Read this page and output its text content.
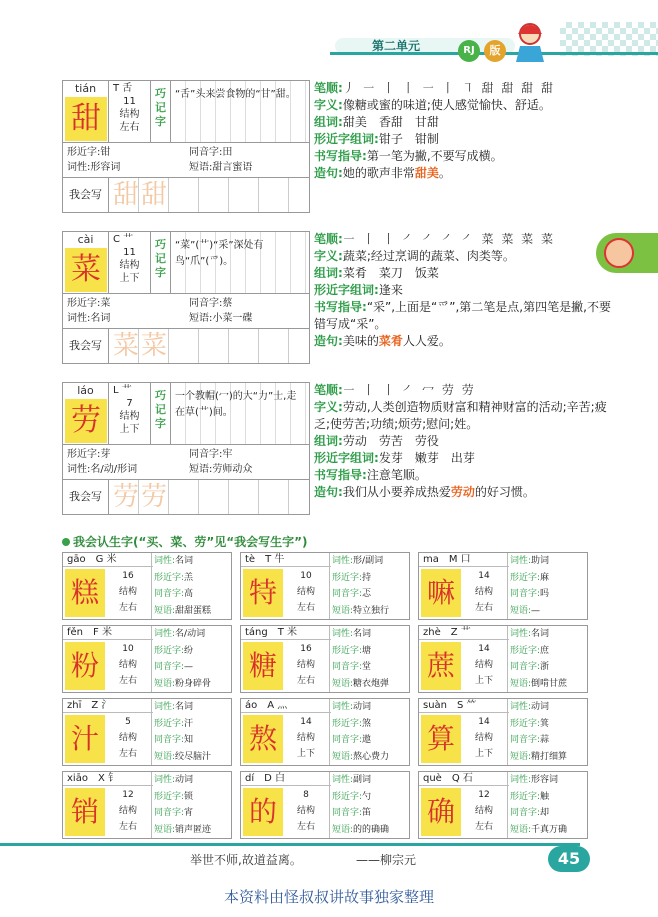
第二单元	RJ	版
tián
甜
T 舌
11
结构
左右
巧记字
“舌”头来尝食物的“甘”甜。
形近字:钳	同音字:田
词性:形容词	短语:甜言蜜语
我会写 甜甜
笔顺:丿 ㇐ 丨 丨 ㇐ 丨 ㇕ 甜 甜 甜 甜
字义:像糖或蜜的味道;使人感觉愉快、舒适。
组词:甜美　香甜　甘甜
形近字组词:钳子　钳制
书写指导:第一笔为撇,不要写成横。
造句:她的歌声非常甜美。
cài
菜
C 艹
11
结构
上下
巧记字
“菜”(艹)“采”深处有鸟“爪”(爫)。
形近字:菜	同音字:蔡
词性:名词	短语:小菜一碟
我会写 菜菜
笔顺:㇐ 丨 丨 ㇒ ㇒ ㇒ ㇒ 菜 菜 菜 菜
字义:蔬菜;经过烹调的蔬菜、肉类等。
组词:菜肴　菜刀　饭菜
形近字组词:逢来
书写指导:“采”,上面是“爫”,第二笔是点,第四笔是撇,不要错写成“采”。
造句:美味的菜肴人人爱。
láo
劳
L 艹
7
结构
上下
巧记字
一个教帽(冖)的大“力”士,走在草(艹)间。
形近字:芽	同音字:牢
词性:名/动/形词	短语:劳师动众
我会写 劳劳
笔顺:㇐ 丨 丨 ㇒ 冖 劳 劳
字义:劳动,人类创造物质财富和精神财富的活动;辛苦;疲乏;使劳苦;功绩;烦劳;慰问;姓。
组词:劳动　劳苦　劳役
形近字组词:发芽　嫩芽　出芽
书写指导:注意笔顺。
造句:我们从小要养成热爱劳动的好习惯。
我会认生字(“买、菜、劳”见“我会写生字”)
gāo　 G 米
糕	16
结构
左右
词性:名词
形近字:羔
同音字:高
短语:甜甜蛋糕
tè　 T 牛
特	10
结构
左右
词性:形/副词
形近字:持
同音字:忑
短语:特立独行
ma　 M 口
嘛	14
结构
左右
词性:助词
形近字:麻
同音字:吗
短语:—
fěn　 F 米
粉	10
结构
左右
词性:名/动词
形近字:纷
同音字:—
短语:粉身碎骨
táng　 T 米
糖	16
结构
左右
词性:名词
形近字:塘
同音字:堂
短语:糖衣炮弹
zhè　 Z 艹
蔗	14
结构
上下
词性:名词
形近字:庶
同音字:浙
短语:倒啃甘蔗
zhī　 Z 氵
汁	5
结构
左右
词性:名词
形近字:汗
同音字:知
短语:绞尽脑汁
áo　 A 灬
熬	14
结构
上下
词性:动词
形近字:煞
同音字:遨
短语:熬心费力
suàn　 S ⺮
算	14
结构
上下
词性:动词
形近字:箕
同音字:蒜
短语:精打细算
xiāo　 X 钅
销	12
结构
左右
词性:动词
形近字:锁
同音字:宵
短语:销声匿迹
dí　 D 白
的	8
结构
左右
词性:副词
形近字:勺
同音字:笛
短语:的的确确
què　 Q 石
确	12
结构
左右
词性:形容词
形近字:触
同音字:却
短语:千真万确
举世不师,故道益离。	——柳宗元	45
本资料由怪叔叔讲故事独家整理
